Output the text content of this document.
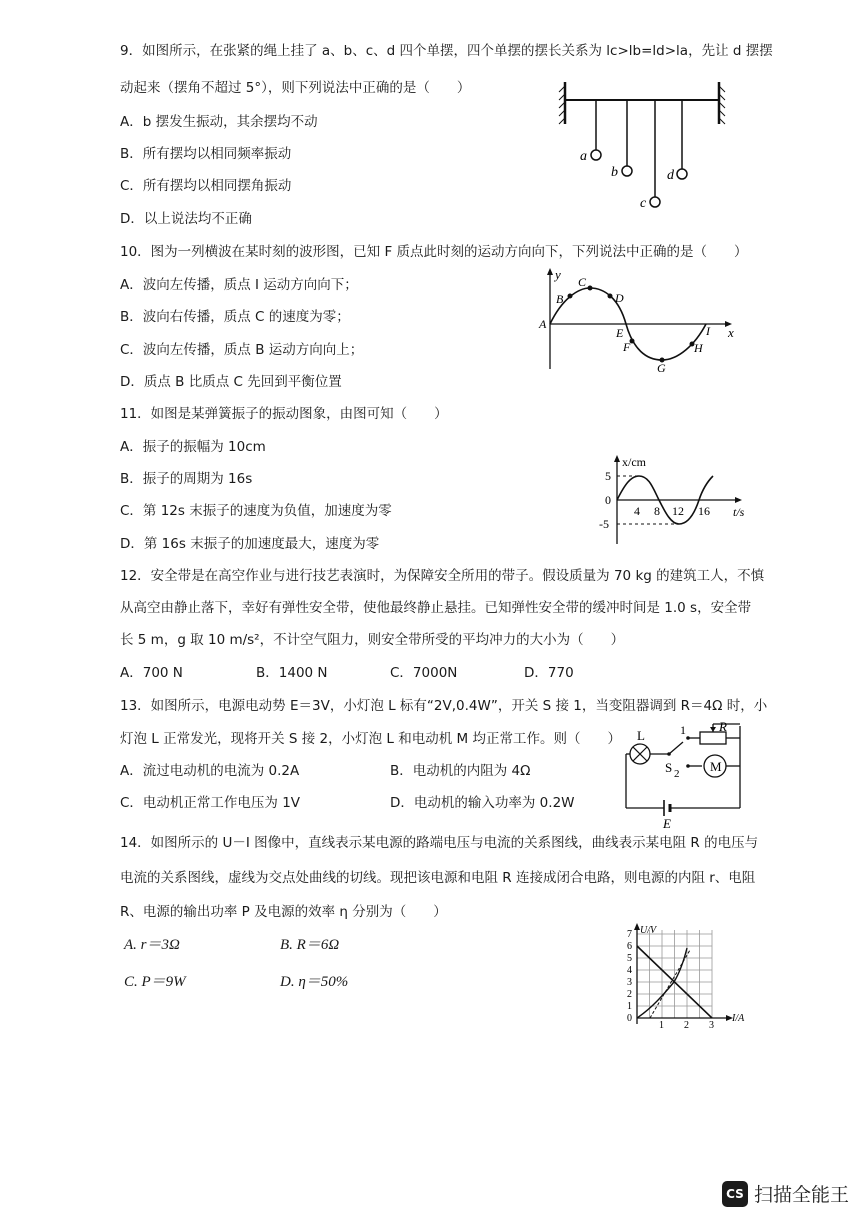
9．如图所示，在张紧的绳上挂了 a、b、c、d 四个单摆，四个单摆的摆长关系为 lc>lb=ld>la，先让 d 摆摆
动起来（摆角不超过 5°），则下列说法中正确的是（　　）
A．b 摆发生振动，其余摆均不动
B．所有摆均以相同频率振动
C．所有摆均以相同摆角振动
D．以上说法均不正确
a
b
c
d
10．图为一列横波在某时刻的波形图，已知 F 质点此时刻的运动方向向下，下列说法中正确的是（　　）
A．波向左传播，质点 I 运动方向向下；
B．波向右传播，质点 C 的速度为零；
C．波向左传播，质点 B 运动方向向上；
D．质点 B 比质点 C 先回到平衡位置
y
x
A
B
C
D
E
F
G
H
I
11．如图是某弹簧振子的振动图象，由图可知（　　）
A．振子的振幅为 10cm
B．振子的周期为 16s
C．第 12s 末振子的速度为负值，加速度为零
D．第 16s 末振子的加速度最大，速度为零
x/cm
t/s
5
0
-5
4 8 12 16
12．安全带是在高空作业与进行技艺表演时，为保障安全所用的带子。假设质量为 70 kg 的建筑工人，不慎
从高空由静止落下，幸好有弹性安全带，使他最终静止悬挂。已知弹性安全带的缓冲时间是 1.0 s，安全带
长 5 m，g 取 10 m/s²，不计空气阻力，则安全带所受的平均冲力的大小为（　　）
A．700 N	B．1400 N	C．7000N	D．770
13．如图所示，电源电动势 E＝3V，小灯泡 L 标有“2V,0.4W”，开关 S 接 1，当变阻器调到 R＝4Ω 时，小
灯泡 L 正常发光，现将开关 S 接 2，小灯泡 L 和电动机 M 均正常工作。则（　　）
A．流过电动机的电流为 0.2A	B．电动机的内阻为 4Ω
C．电动机正常工作电压为 1V	D．电动机的输入功率为 0.2W
L	1	R
S 2 M
E
14．如图所示的 U－I 图像中，直线表示某电源的路端电压与电流的关系图线，曲线表示某电阻 R 的电压与
电流的关系图线，虚线为交点处曲线的切线。现把该电源和电阻 R 连接成闭合电路，则电源的内阻 r、电阻
R、电源的输出功率 P 及电源的效率 η 分别为（　　）
A. r＝3Ω	B. R＝6Ω
C. P＝9W	D. η＝50%
U/V
I/A
7
6
5
4
3
2
1
0
1 2 3
CS 扫描全能王
